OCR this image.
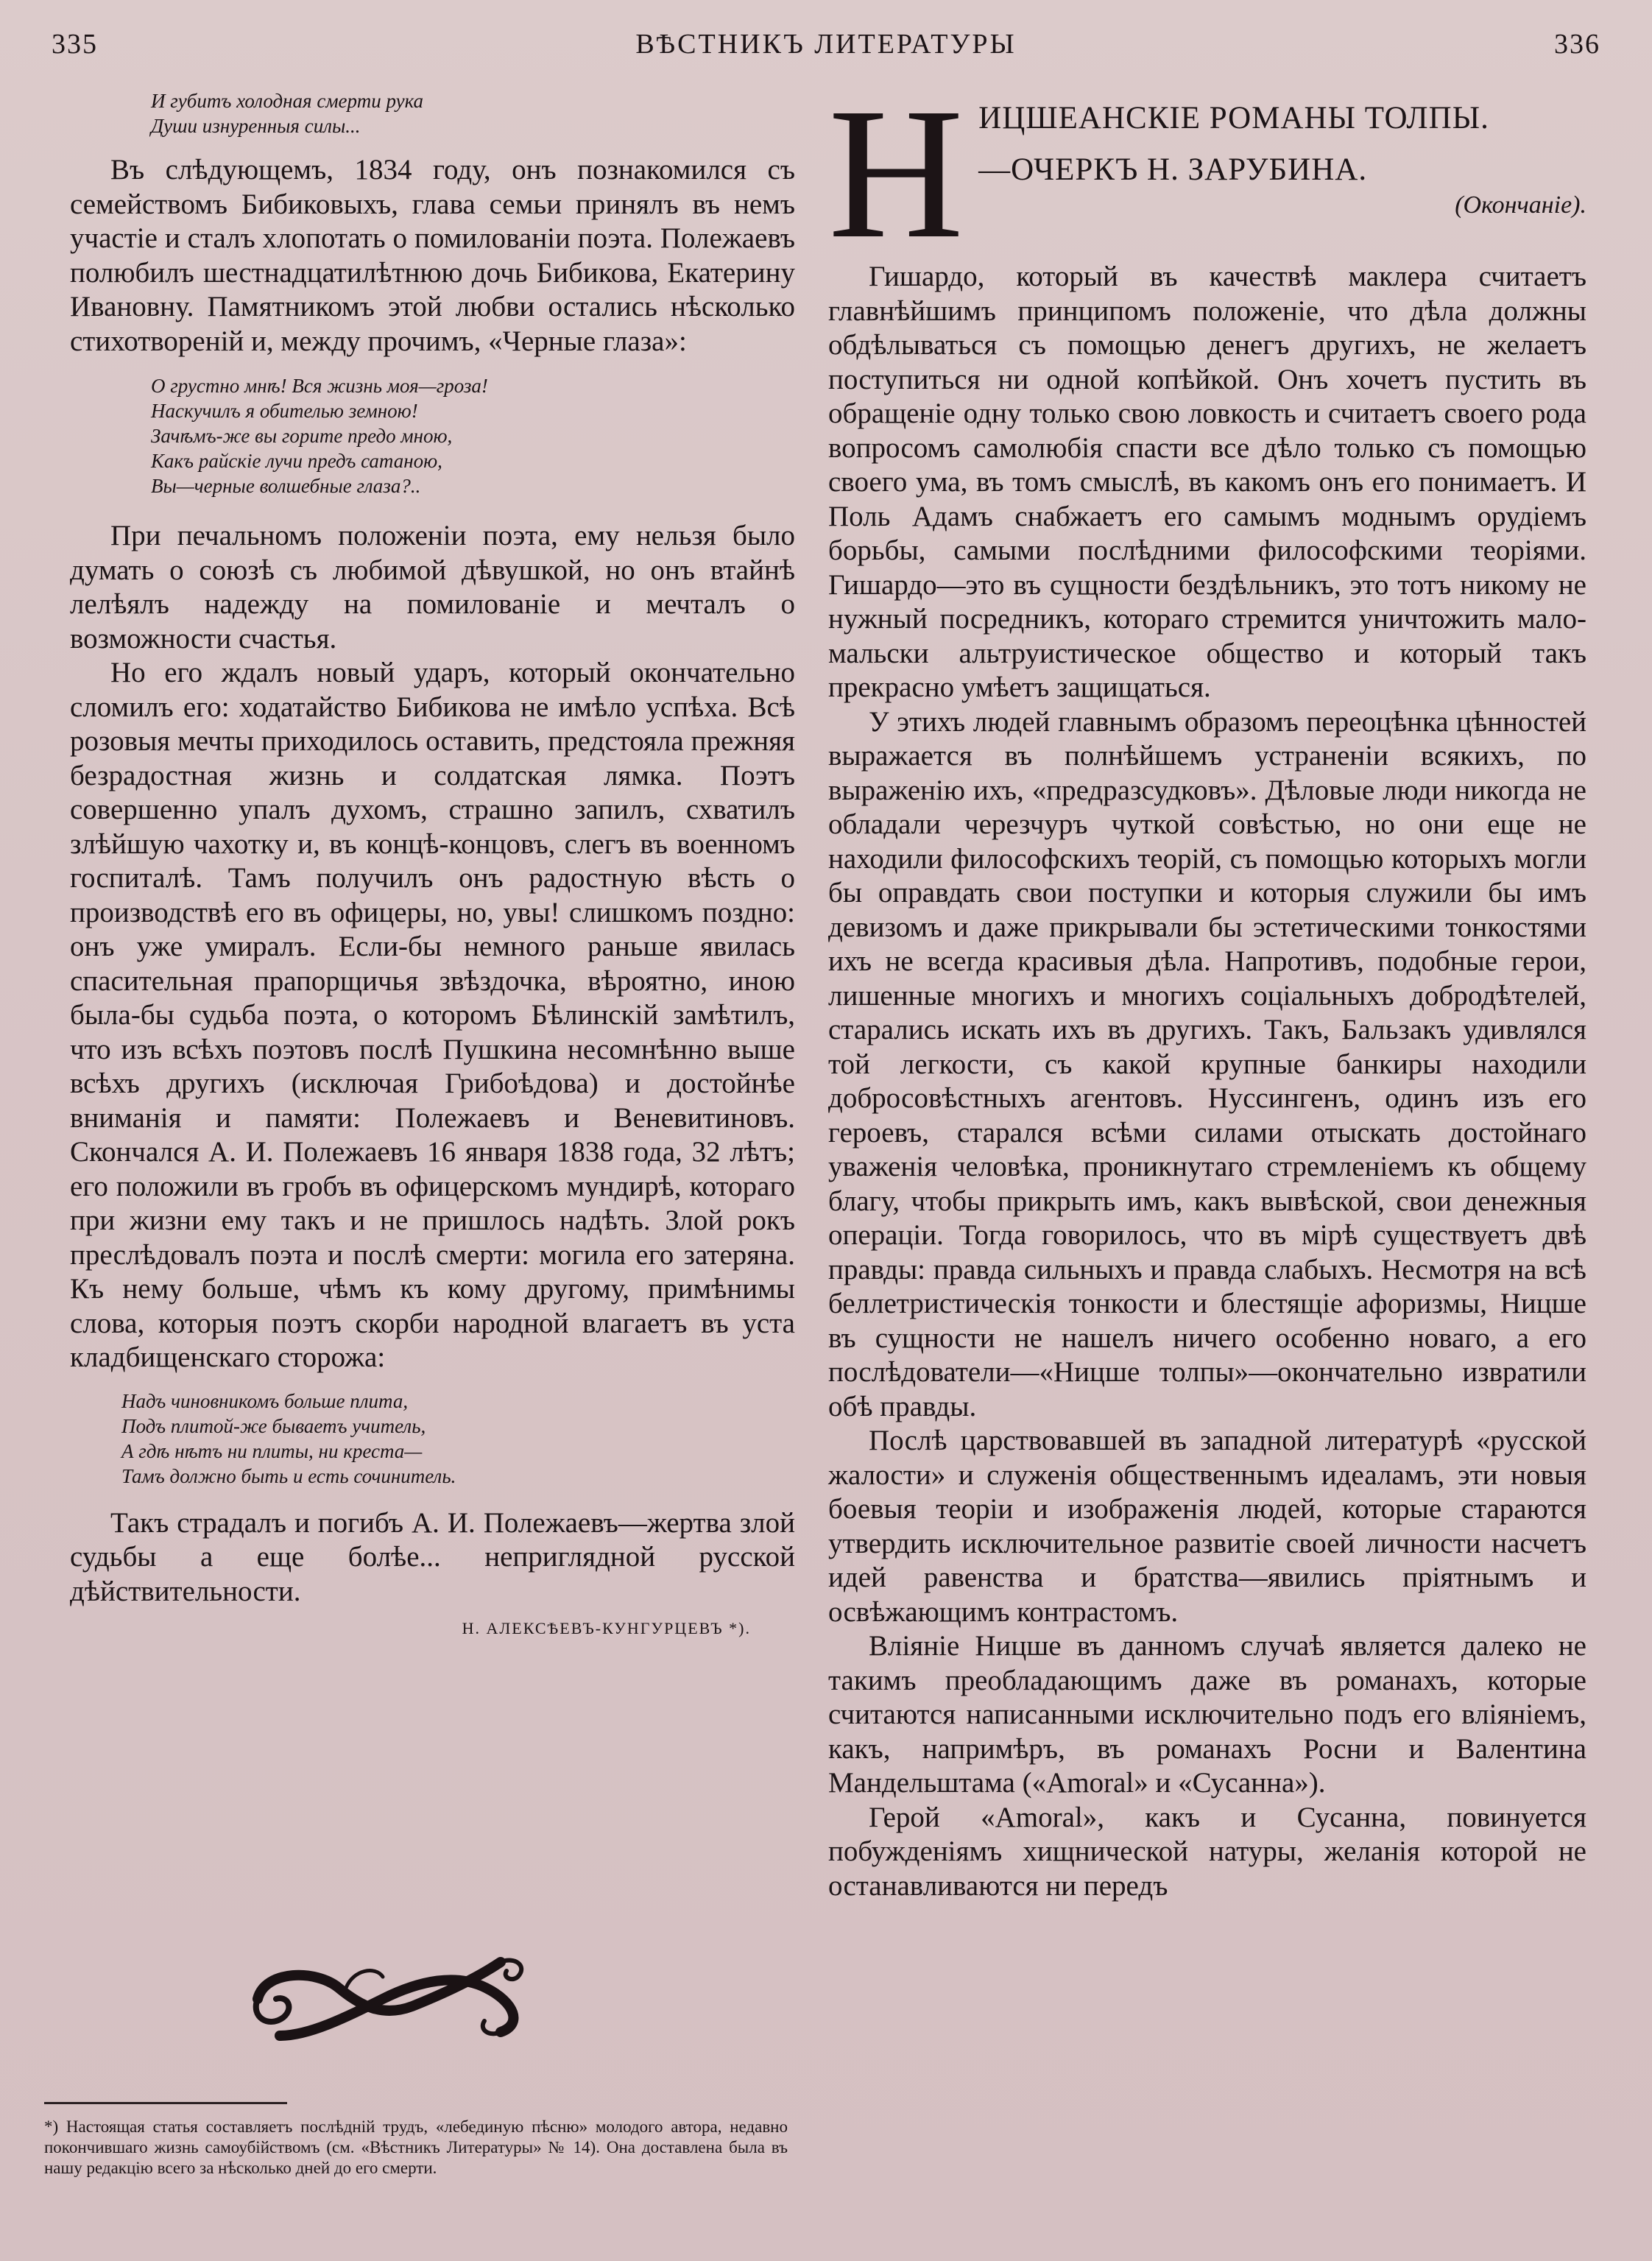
335	ВѢСТНИКЪ ЛИТЕРАТУРЫ	336
И губитъ холодная смерти рука
Души изнуренныя силы...

Въ слѣдующемъ, 1834 году, онъ познакомился съ семействомъ Бибиковыхъ, глава семьи принялъ въ немъ участіе и сталъ хлопотать о помилованіи поэта. Полежаевъ полюбилъ шестнадцатилѣтнюю дочь Бибикова, Екатерину Ивановну. Памятникомъ этой любви остались нѣсколько стихотвореній и, между прочимъ, «Черные глаза»:

О грустно мнѣ! Вся жизнь моя—гроза!
Наскучилъ я обителью земною!
Зачѣмъ-же вы горите предо мною,
Какъ райскіе лучи предъ сатаною,
Вы—черные волшебные глаза?..

При печальномъ положеніи поэта, ему нельзя было думать о союзѣ съ любимой дѣвушкой, но онъ втайнѣ лелѣялъ надежду на помилованіе и мечталъ о возможности счастья.

Но его ждалъ новый ударъ, который окончательно сломилъ его: ходатайство Бибикова не имѣло успѣха. Всѣ розовыя мечты приходилось оставить, предстояла прежняя безрадостная жизнь и солдатская лямка. Поэтъ совершенно упалъ духомъ, страшно запилъ, схватилъ злѣйшую чахотку и, въ концѣ-концовъ, слегъ въ военномъ госпиталѣ. Тамъ получилъ онъ радостную вѣсть о производствѣ его въ офицеры, но, увы! слишкомъ поздно: онъ уже умиралъ. Если-бы немного раньше явилась спасительная прапорщичья звѣздочка, вѣроятно, иною была-бы судьба поэта, о которомъ Бѣлинскій замѣтилъ, что изъ всѣхъ поэтовъ послѣ Пушкина несомнѣнно выше всѣхъ другихъ (исключая Грибоѣдова) и достойнѣе вниманія и памяти: Полежаевъ и Веневитиновъ. Скончался А. И. Полежаевъ 16 января 1838 года, 32 лѣтъ; его положили въ гробъ въ офицерскомъ мундирѣ, котораго при жизни ему такъ и не пришлось надѣть. Злой рокъ преслѣдовалъ поэта и послѣ смерти: могила его затеряна. Къ нему больше, чѣмъ къ кому другому, примѣнимы слова, которыя поэтъ скорби народной влагаетъ въ уста кладбищенскаго сторожа:

Надъ чиновникомъ больше плита,
Подъ плитой-же бываетъ учитель,
А гдѣ нѣтъ ни плиты, ни креста—
Тамъ должно быть и есть сочинитель.

Такъ страдалъ и погибъ А. И. Полежаевъ—жертва злой судьбы а еще болѣе... неприглядной русской дѣйствительности.

Н. АЛЕКСѢЕВЪ-КУНГУРЦЕВЪ *).
*) Настоящая статья составляетъ послѣдній трудъ, «лебединую пѣсню» молодого автора, недавно покончившаго жизнь самоубійствомъ (см. «Вѣстникъ Литературы» № 14). Она доставлена была въ нашу редакцію всего за нѣсколько дней до его смерти.
Н ИЦШЕАНСКІЕ РОМАНЫ ТОЛПЫ.
—ОЧЕРКЪ Н. ЗАРУБИНА.
(Окончаніе).

Гишардо, который въ качествѣ маклера считаетъ главнѣйшимъ принципомъ положеніе, что дѣла должны обдѣлываться съ помощью денегъ другихъ, не желаетъ поступиться ни одной копѣйкой. Онъ хочетъ пустить въ обращеніе одну только свою ловкость и считаетъ своего рода вопросомъ самолюбія спасти все дѣло только съ помощью своего ума, въ томъ смыслѣ, въ какомъ онъ его понимаетъ. И Поль Адамъ снабжаетъ его самымъ моднымъ орудіемъ борьбы, самыми послѣдними философскими теоріями. Гишардо—это въ сущности бездѣльникъ, это тотъ никому не нужный посредникъ, котораго стремится уничтожить мало-мальски альтруистическое общество и который такъ прекрасно умѣетъ защищаться.

У этихъ людей главнымъ образомъ переоцѣнка цѣнностей выражается въ полнѣйшемъ устраненіи всякихъ, по выраженію ихъ, «предразсудковъ». Дѣловые люди никогда не обладали черезчуръ чуткой совѣстью, но они еще не находили философскихъ теорій, съ помощью которыхъ могли бы оправдать свои поступки и которыя служили бы имъ девизомъ и даже прикрывали бы эстетическими тонкостями ихъ не всегда красивыя дѣла. Напротивъ, подобные герои, лишенные многихъ и многихъ соціальныхъ добродѣтелей, старались искать ихъ въ другихъ. Такъ, Бальзакъ удивлялся той легкости, съ какой крупные банкиры находили добросовѣстныхъ агентовъ. Нуссингенъ, одинъ изъ его героевъ, старался всѣми силами отыскать достойнаго уваженія человѣка, проникнутаго стремленіемъ къ общему благу, чтобы прикрыть имъ, какъ вывѣской, свои денежныя операціи. Тогда говорилось, что въ мірѣ существуетъ двѣ правды: правда сильныхъ и правда слабыхъ. Несмотря на всѣ беллетристическія тонкости и блестящіе афоризмы, Ницше въ сущности не нашелъ ничего особенно новаго, а его послѣдователи—«Ницше толпы»—окончательно извратили обѣ правды.

Послѣ царствовавшей въ западной литературѣ «русской жалости» и служенія общественнымъ идеаламъ, эти новыя боевыя теоріи и изображенія людей, которые стараются утвердить исключительное развитіе своей личности насчетъ идей равенства и братства—явились пріятнымъ и освѣжающимъ контрастомъ.

Вліяніе Ницше въ данномъ случаѣ является далеко не такимъ преобладающимъ даже въ романахъ, которые считаются написанными исключительно подъ его вліяніемъ, какъ, напримѣръ, въ романахъ Росни и Валентина Мандельштама («Amoral» и «Сусанна»).

Герой «Amoral», какъ и Сусанна, повинуется побужденіямъ хищнической натуры, желанія которой не останавливаются ни передъ
